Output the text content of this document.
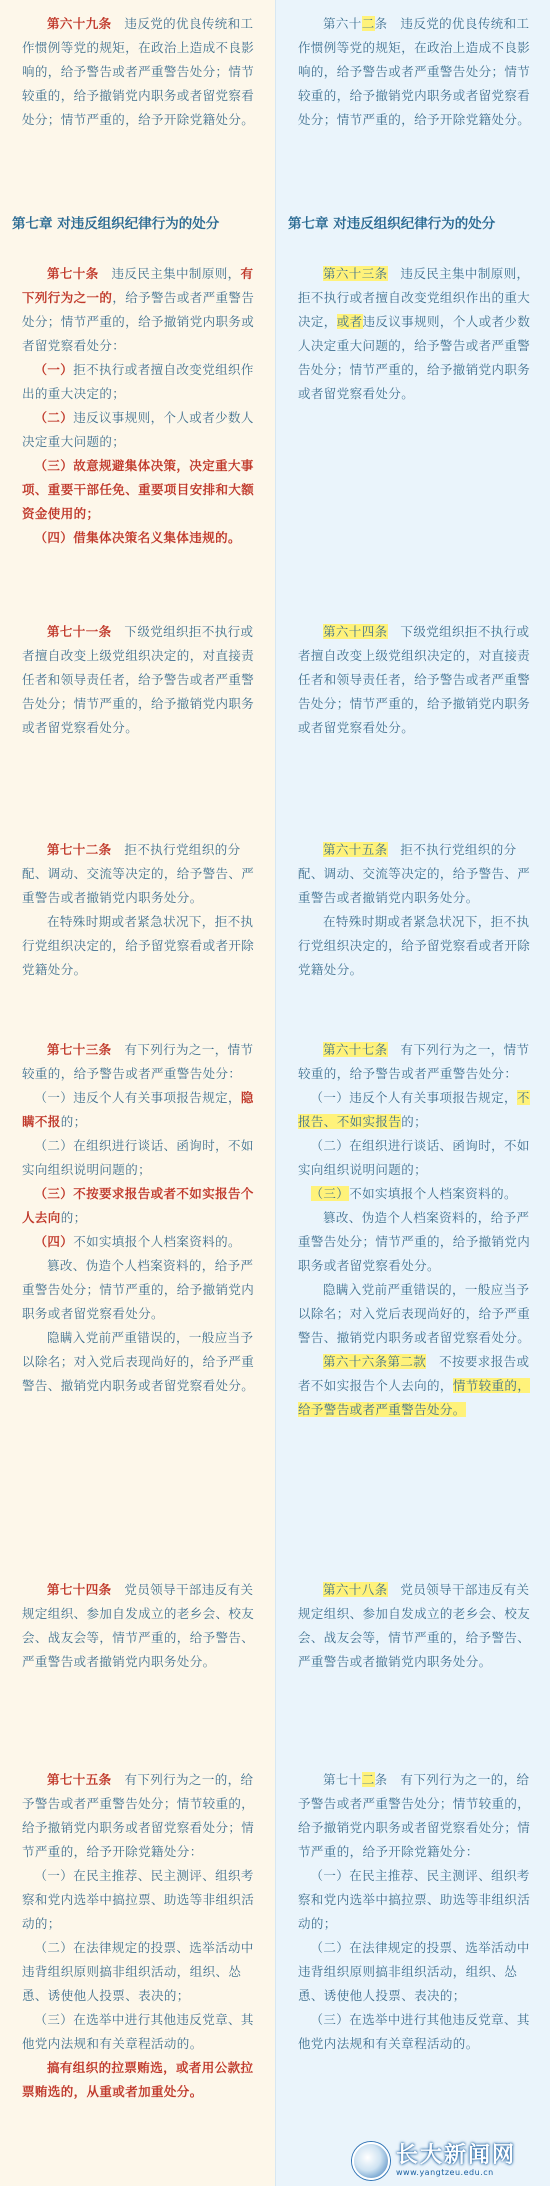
第六十九条　 违反党的优良传统和工作惯例等党的规矩，在政治上造成不良影响的，给予警告或者严重警告处分；情节较重的，给予撤销党内职务或者留党察看处分；情节严重的，给予开除党籍处分。

第七章 对违反组织纪律行为的处分

第七十条　 违反民主集中制原则，有下列行为之一的，给予警告或者严重警告处分；情节严重的，给予撤销党内职务或者留党察看处分：

（一）拒不执行或者擅自改变党组织作出的重大决定的；

（二）违反议事规则，个人或者少数人决定重大问题的；

（三）故意规避集体决策，决定重大事项、重要干部任免、重要项目安排和大额资金使用的；

（四）借集体决策名义集体违规的。

第七十一条　 下级党组织拒不执行或者擅自改变上级党组织决定的，对直接责任者和领导责任者，给予警告或者严重警告处分；情节严重的，给予撤销党内职务或者留党察看处分。

第七十二条　 拒不执行党组织的分配、调动、交流等决定的，给予警告、严重警告或者撤销党内职务处分。

在特殊时期或者紧急状况下，拒不执行党组织决定的，给予留党察看或者开除党籍处分。

第七十三条　 有下列行为之一，情节较重的，给予警告或者严重警告处分：

（一）违反个人有关事项报告规定，隐瞒不报的；

（二）在组织进行谈话、函询时，不如实向组织说明问题的；

（三）不按要求报告或者不如实报告个人去向的；

（四）不如实填报个人档案资料的。

篡改、伪造个人档案资料的，给予严重警告处分；情节严重的，给予撤销党内职务或者留党察看处分。

隐瞒入党前严重错误的，一般应当予以除名；对入党后表现尚好的，给予严重警告、撤销党内职务或者留党察看处分。

第七十四条　 党员领导干部违反有关规定组织、参加自发成立的老乡会、校友会、战友会等，情节严重的，给予警告、严重警告或者撤销党内职务处分。

第七十五条　 有下列行为之一的，给予警告或者严重警告处分；情节较重的，给予撤销党内职务或者留党察看处分；情节严重的，给予开除党籍处分：

（一）在民主推荐、民主测评、组织考察和党内选举中搞拉票、助选等非组织活动的；

（二）在法律规定的投票、选举活动中违背组织原则搞非组织活动，组织、怂恿、诱使他人投票、表决的；

（三）在选举中进行其他违反党章、其他党内法规和有关章程活动的。

搞有组织的拉票贿选，或者用公款拉票贿选的，从重或者加重处分。

第六十二条　 违反党的优良传统和工作惯例等党的规矩，在政治上造成不良影响的，给予警告或者严重警告处分；情节较重的，给予撤销党内职务或者留党察看处分；情节严重的，给予开除党籍处分。

第七章 对违反组织纪律行为的处分

第六十三条　 违反民主集中制原则，拒不执行或者擅自改变党组织作出的重大决定，或者违反议事规则，个人或者少数人决定重大问题的，给予警告或者严重警告处分；情节严重的，给予撤销党内职务或者留党察看处分。

第六十四条　 下级党组织拒不执行或者擅自改变上级党组织决定的，对直接责任者和领导责任者，给予警告或者严重警告处分；情节严重的，给予撤销党内职务或者留党察看处分。

第六十五条　 拒不执行党组织的分配、调动、交流等决定的，给予警告、严重警告或者撤销党内职务处分。

在特殊时期或者紧急状况下，拒不执行党组织决定的，给予留党察看或者开除党籍处分。

第六十七条　 有下列行为之一，情节较重的，给予警告或者严重警告处分：

（一）违反个人有关事项报告规定，不报告、不如实报告的；

（二）在组织进行谈话、函询时，不如实向组织说明问题的；

（三）不如实填报个人档案资料的。

篡改、伪造个人档案资料的，给予严重警告处分；情节严重的，给予撤销党内职务或者留党察看处分。

隐瞒入党前严重错误的，一般应当予以除名；对入党后表现尚好的，给予严重警告、撤销党内职务或者留党察看处分。

第六十六条第二款　 不按要求报告或者不如实报告个人去向的，情节较重的，给予警告或者严重警告处分。

第六十八条　 党员领导干部违反有关规定组织、参加自发成立的老乡会、校友会、战友会等，情节严重的，给予警告、严重警告或者撤销党内职务处分。

第七十二条　 有下列行为之一的，给予警告或者严重警告处分；情节较重的，给予撤销党内职务或者留党察看处分；情节严重的，给予开除党籍处分：

（一）在民主推荐、民主测评、组织考察和党内选举中搞拉票、助选等非组织活动的；

（二）在法律规定的投票、选举活动中违背组织原则搞非组织活动，组织、怂恿、诱使他人投票、表决的；

（三）在选举中进行其他违反党章、其他党内法规和有关章程活动的。

长大新闻网
www.yangtzeu.edu.cn
